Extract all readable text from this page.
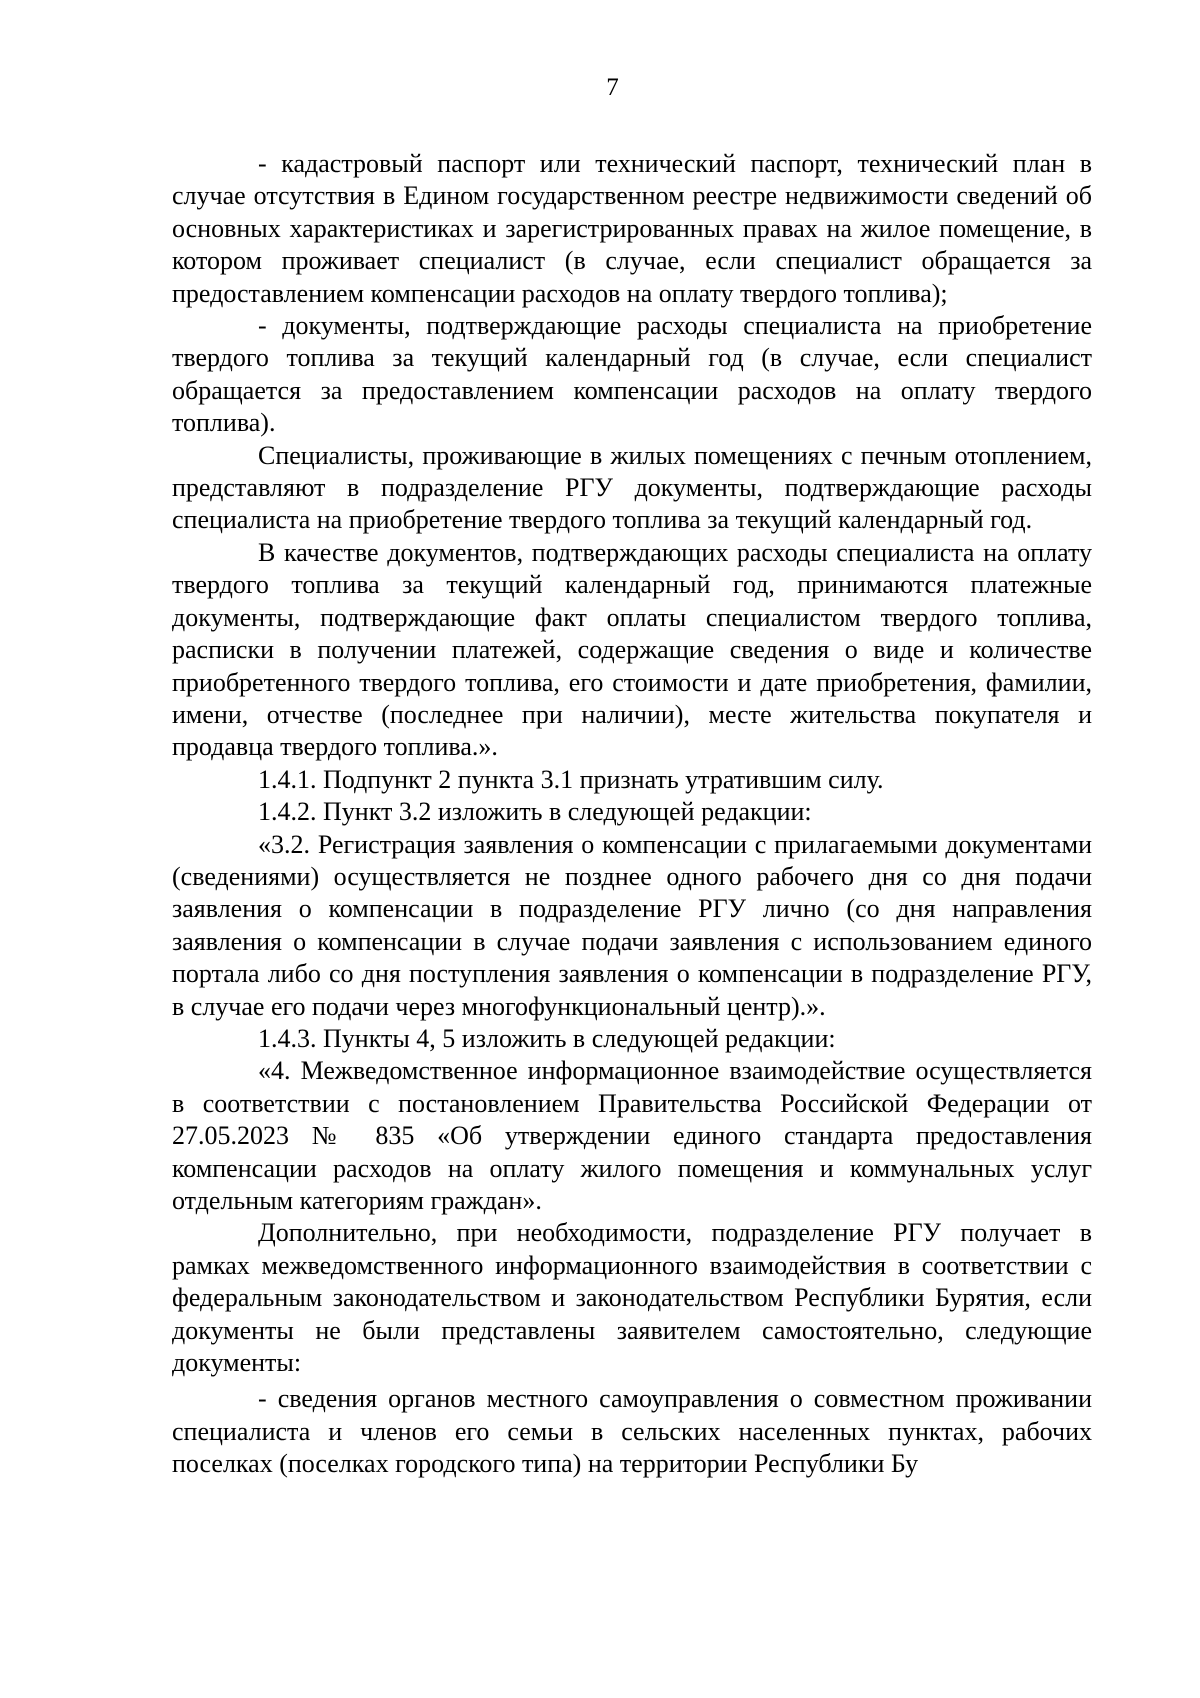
7

- кадастровый паспорт или технический паспорт, технический план в случае отсутствия в Едином государственном реестре недвижимости сведений об основных характеристиках и зарегистрированных правах на жилое помещение, в котором проживает специалист (в случае, если специалист обращается за предоставлением компенсации расходов на оплату твердого топлива);

- документы, подтверждающие расходы специалиста на приобретение твердого топлива за текущий календарный год (в случае, если специалист обращается за предоставлением компенсации расходов на оплату твердого топлива).

Специалисты, проживающие в жилых помещениях с печным отоплением, представляют в подразделение РГУ документы, подтверждающие расходы специалиста на приобретение твердого топлива за текущий календарный год.

В качестве документов, подтверждающих расходы специалиста на оплату твердого топлива за текущий календарный год, принимаются платежные документы, подтверждающие факт оплаты специалистом твердого топлива, расписки в получении платежей, содержащие сведения о виде и количестве приобретенного твердого топлива, его стоимости и дате приобретения, фамилии, имени, отчестве (последнее при наличии), месте жительства покупателя и продавца твердого топлива.».

1.4.1. Подпункт 2 пункта 3.1 признать утратившим силу.

1.4.2. Пункт 3.2 изложить в следующей редакции:

«3.2. Регистрация заявления о компенсации с прилагаемыми документами (сведениями) осуществляется не позднее одного рабочего дня со дня подачи заявления о компенсации в подразделение РГУ лично (со дня направления заявления о компенсации в случае подачи заявления с использованием единого портала либо со дня поступления заявления о компенсации в подразделение РГУ, в случае его подачи через многофункциональный центр).».

1.4.3. Пункты 4, 5 изложить в следующей редакции:

«4. Межведомственное информационное взаимодействие осуществляется в соответствии с постановлением Правительства Российской Федерации от 27.05.2023 № 835 «Об утверждении единого стандарта предоставления компенсации расходов на оплату жилого помещения и коммунальных услуг отдельным категориям граждан».

Дополнительно, при необходимости, подразделение РГУ получает в рамках межведомственного информационного взаимодействия в соответствии с федеральным законодательством и законодательством Республики Бурятия, если документы не были представлены заявителем самостоятельно, следующие документы:

- сведения органов местного самоуправления о совместном проживании специалиста и членов его семьи в сельских населенных пунктах, рабочих поселках (поселках городского типа) на территории Республики Бу
